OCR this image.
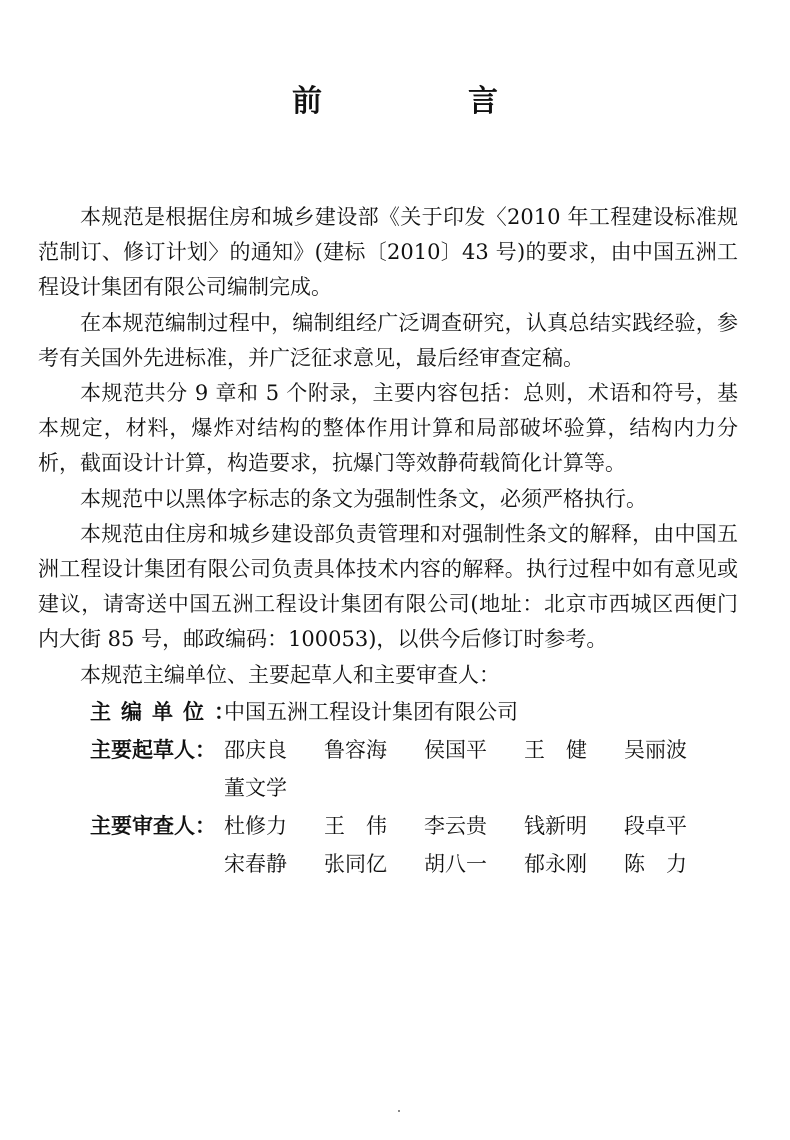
前　言

本规范是根据住房和城乡建设部《关于印发〈2010 年工程建设标准规范制订、修订计划〉的通知》(建标〔2010〕43 号)的要求，由中国五洲工程设计集团有限公司编制完成。

在本规范编制过程中，编制组经广泛调查研究，认真总结实践经验，参考有关国外先进标准，并广泛征求意见，最后经审查定稿。

本规范共分 9 章和 5 个附录，主要内容包括：总则，术语和符号，基本规定，材料，爆炸对结构的整体作用计算和局部破坏验算，结构内力分析，截面设计计算，构造要求，抗爆门等效静荷载简化计算等。

本规范中以黑体字标志的条文为强制性条文，必须严格执行。

本规范由住房和城乡建设部负责管理和对强制性条文的解释，由中国五洲工程设计集团有限公司负责具体技术内容的解释。执行过程中如有意见或建议，请寄送中国五洲工程设计集团有限公司(地址：北京市西城区西便门内大街 85 号，邮政编码：100053)，以供今后修订时参考。

本规范主编单位、主要起草人和主要审查人：

主编单位：
中国五洲工程设计集团有限公司
主要起草人： 邵庆良	鲁容海	侯国平	王　健	吴丽波
董文学
主要审查人： 杜修力	王　伟	李云贵	钱新明	段卓平
宋春静	张同亿	胡八一	郁永刚	陈　力
